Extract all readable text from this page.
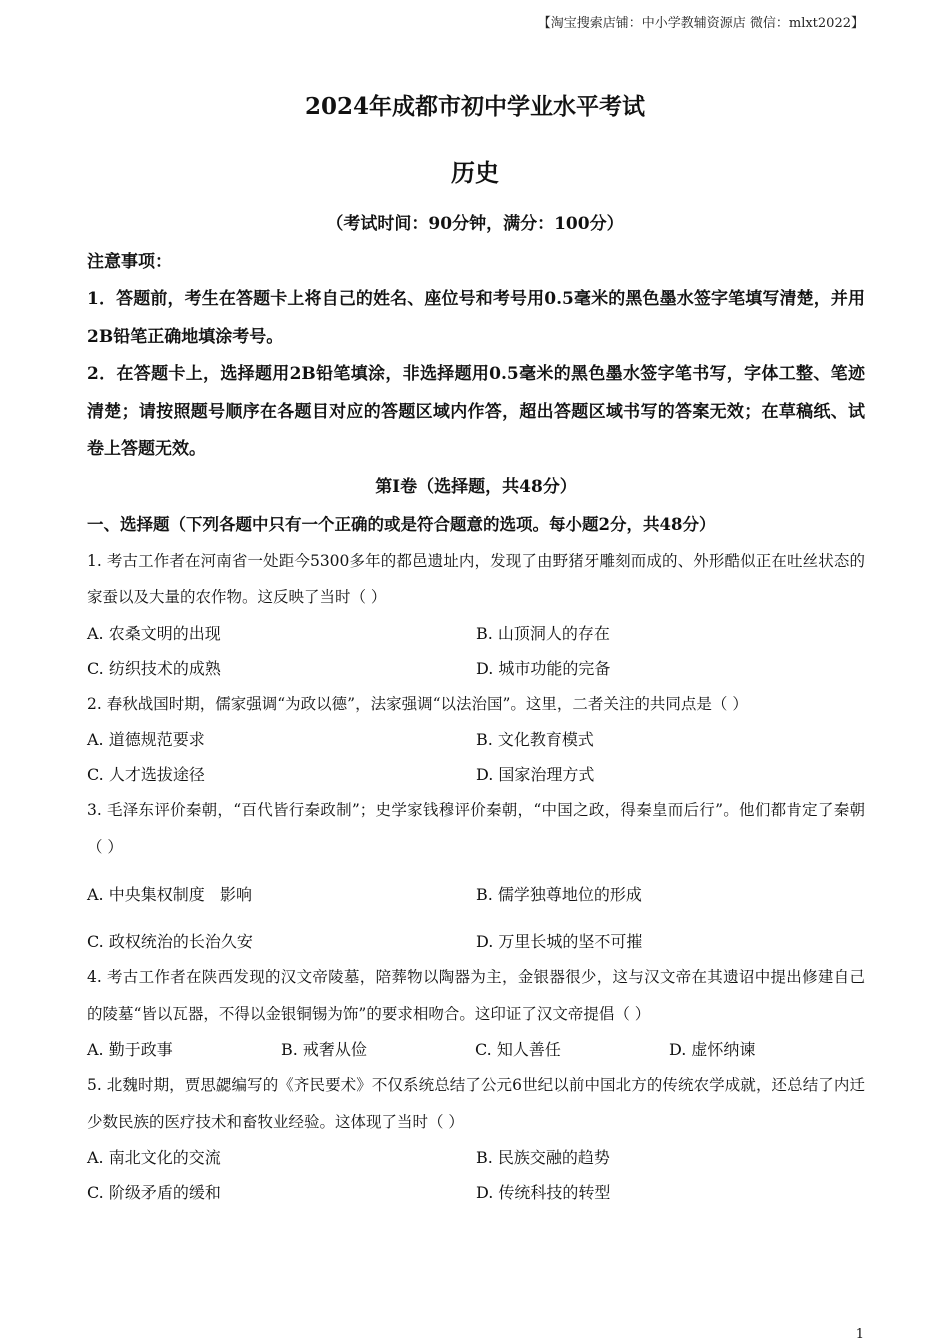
【淘宝搜索店铺：中小学教辅资源店 微信：mlxt2022】
2024年成都市初中学业水平考试
历史
（考试时间：90分钟，满分：100分）
注意事项：
1．答题前，考生在答题卡上将自己的姓名、座位号和考号用0.5毫米的黑色墨水签字笔填写清楚，并用2B铅笔正确地填涂考号。
2．在答题卡上，选择题用2B铅笔填涂，非选择题用0.5毫米的黑色墨水签字笔书写，字体工整、笔迹清楚；请按照题号顺序在各题目对应的答题区域内作答，超出答题区域书写的答案无效；在草稿纸、试卷上答题无效。
第Ⅰ卷（选择题，共48分）
一、选择题（下列各题中只有一个正确的或是符合题意的选项。每小题2分，共48分）
1. 考古工作者在河南省一处距今5300多年的都邑遗址内，发现了由野猪牙雕刻而成的、外形酷似正在吐丝状态的家蚕以及大量的农作物。这反映了当时（ ）
A. 农桑文明的出现	B. 山顶洞人的存在
C. 纺织技术的成熟	D. 城市功能的完备
2. 春秋战国时期，儒家强调“为政以德”，法家强调“以法治国”。这里，二者关注的共同点是（ ）
A. 道德规范要求	B. 文化教育模式
C. 人才选拔途径	D. 国家治理方式
3. 毛泽东评价秦朝，“百代皆行秦政制”；史学家钱穆评价秦朝，“中国之政，得秦皇而后行”。他们都肯定了秦朝（ ）
A. 中央集权制度   影响	B. 儒学独尊地位的形成
C. 政权统治的长治久安	D. 万里长城的坚不可摧
4. 考古工作者在陕西发现的汉文帝陵墓，陪葬物以陶器为主，金银器很少，这与汉文帝在其遗诏中提出修建自己的陵墓“皆以瓦器，不得以金银铜锡为饰”的要求相吻合。这印证了汉文帝提倡（ ）
A. 勤于政事	B. 戒奢从俭	C. 知人善任	D. 虚怀纳谏
5. 北魏时期，贾思勰编写的《齐民要术》不仅系统总结了公元6世纪以前中国北方的传统农学成就，还总结了内迁少数民族的医疗技术和畜牧业经验。这体现了当时（ ）
A. 南北文化的交流	B. 民族交融的趋势
C. 阶级矛盾的缓和	D. 传统科技的转型
1
